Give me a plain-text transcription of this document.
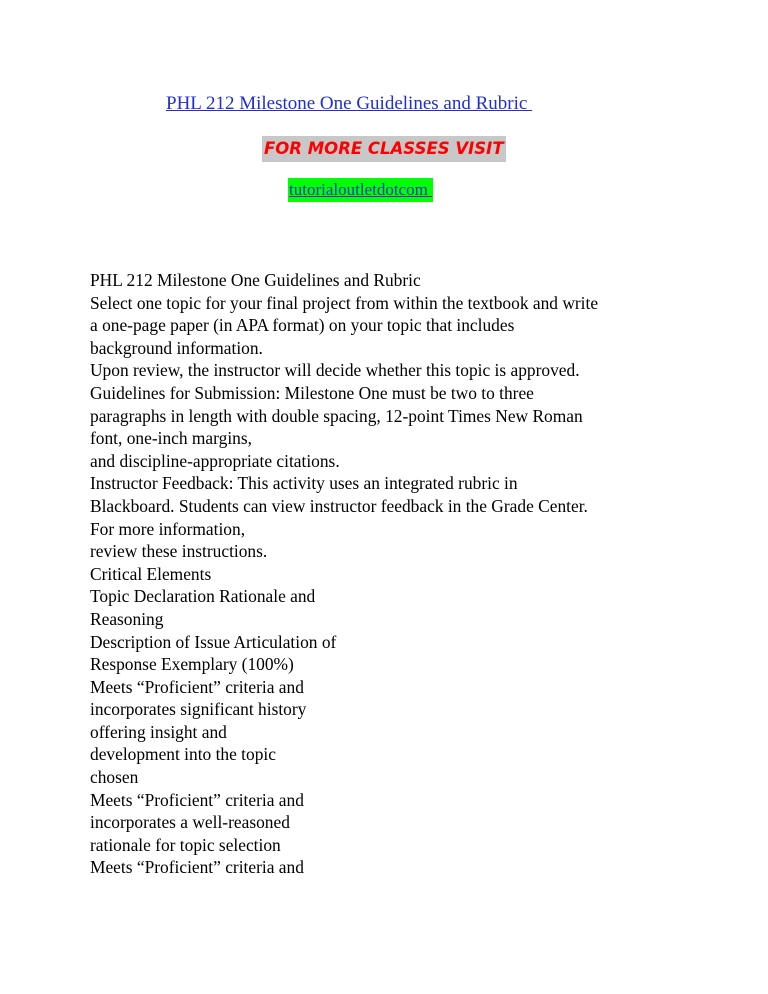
PHL 212 Milestone One Guidelines and Rubric
FOR MORE CLASSES VISIT
tutorialoutletdotcom
PHL 212 Milestone One Guidelines and Rubric
Select one topic for your final project from within the textbook and write
a one-page paper (in APA format) on your topic that includes
background information.
Upon review, the instructor will decide whether this topic is approved.
Guidelines for Submission: Milestone One must be two to three
paragraphs in length with double spacing, 12-point Times New Roman
font, one-inch margins,
and discipline-appropriate citations.
Instructor Feedback: This activity uses an integrated rubric in
Blackboard. Students can view instructor feedback in the Grade Center.
For more information,
review these instructions.
Critical Elements
Topic Declaration Rationale and
Reasoning
Description of Issue Articulation of
Response Exemplary (100%)
Meets “Proficient” criteria and
incorporates significant history
offering insight and
development into the topic
chosen
Meets “Proficient” criteria and
incorporates a well-reasoned
rationale for topic selection
Meets “Proficient” criteria and
